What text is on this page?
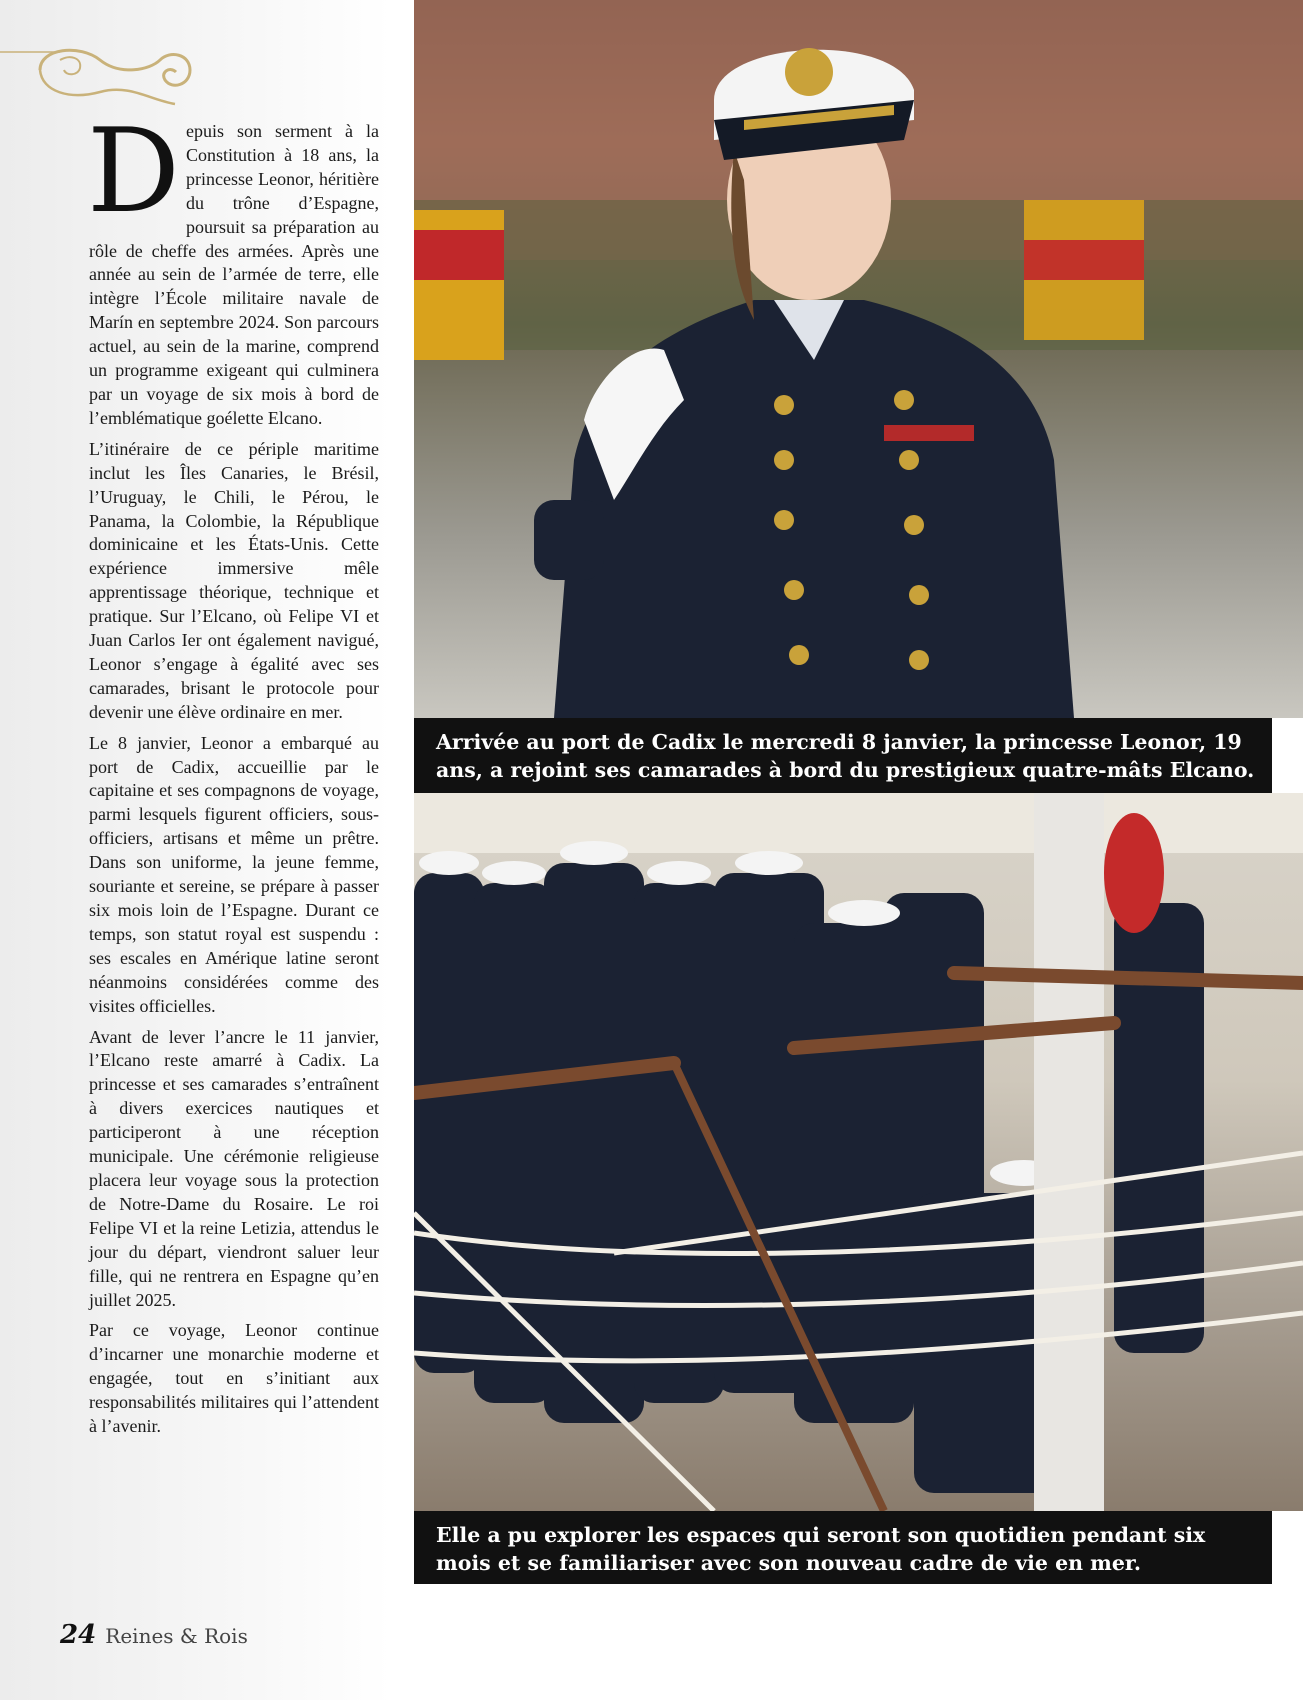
Depuis son serment à la Constitution à 18 ans, la princesse Leonor, héritière du trône d’Espagne, poursuit sa préparation au rôle de cheffe des armées. Après une année au sein de l’armée de terre, elle intègre l’École militaire navale de Marín en septembre 2024. Son parcours actuel, au sein de la marine, comprend un programme exigeant qui culminera par un voyage de six mois à bord de l’emblématique goélette Elcano.

L’itinéraire de ce périple maritime inclut les Îles Canaries, le Brésil, l’Uruguay, le Chili, le Pérou, le Panama, la Colombie, la République dominicaine et les États-Unis. Cette expérience immersive mêle apprentissage théorique, technique et pratique. Sur l’Elcano, où Felipe VI et Juan Carlos Ier ont également navigué, Leonor s’engage à égalité avec ses camarades, brisant le protocole pour devenir une élève ordinaire en mer.

Le 8 janvier, Leonor a embarqué au port de Cadix, accueillie par le capitaine et ses compagnons de voyage, parmi lesquels figurent officiers, sous-officiers, artisans et même un prêtre. Dans son uniforme, la jeune femme, souriante et sereine, se prépare à passer six mois loin de l’Espagne. Durant ce temps, son statut royal est suspendu : ses escales en Amérique latine seront néanmoins considérées comme des visites officielles.

Avant de lever l’ancre le 11 janvier, l’Elcano reste amarré à Cadix. La princesse et ses camarades s’entraînent à divers exercices nautiques et participeront à une réception municipale. Une cérémonie religieuse placera leur voyage sous la protection de Notre-Dame du Rosaire. Le roi Felipe VI et la reine Letizia, attendus le jour du départ, viendront saluer leur fille, qui ne rentrera en Espagne qu’en juillet 2025.

Par ce voyage, Leonor continue d’incarner une monarchie moderne et engagée, tout en s’initiant aux responsabilités militaires qui l’attendent à l’avenir.

Arrivée au port de Cadix le mercredi 8 janvier, la princesse Leonor, 19 ans, a rejoint ses camarades à bord du prestigieux quatre-mâts Elcano.
Elle a pu explorer les espaces qui seront son quotidien pendant six mois et se familiariser avec son nouveau cadre de vie en mer.
24 Reines & Rois
